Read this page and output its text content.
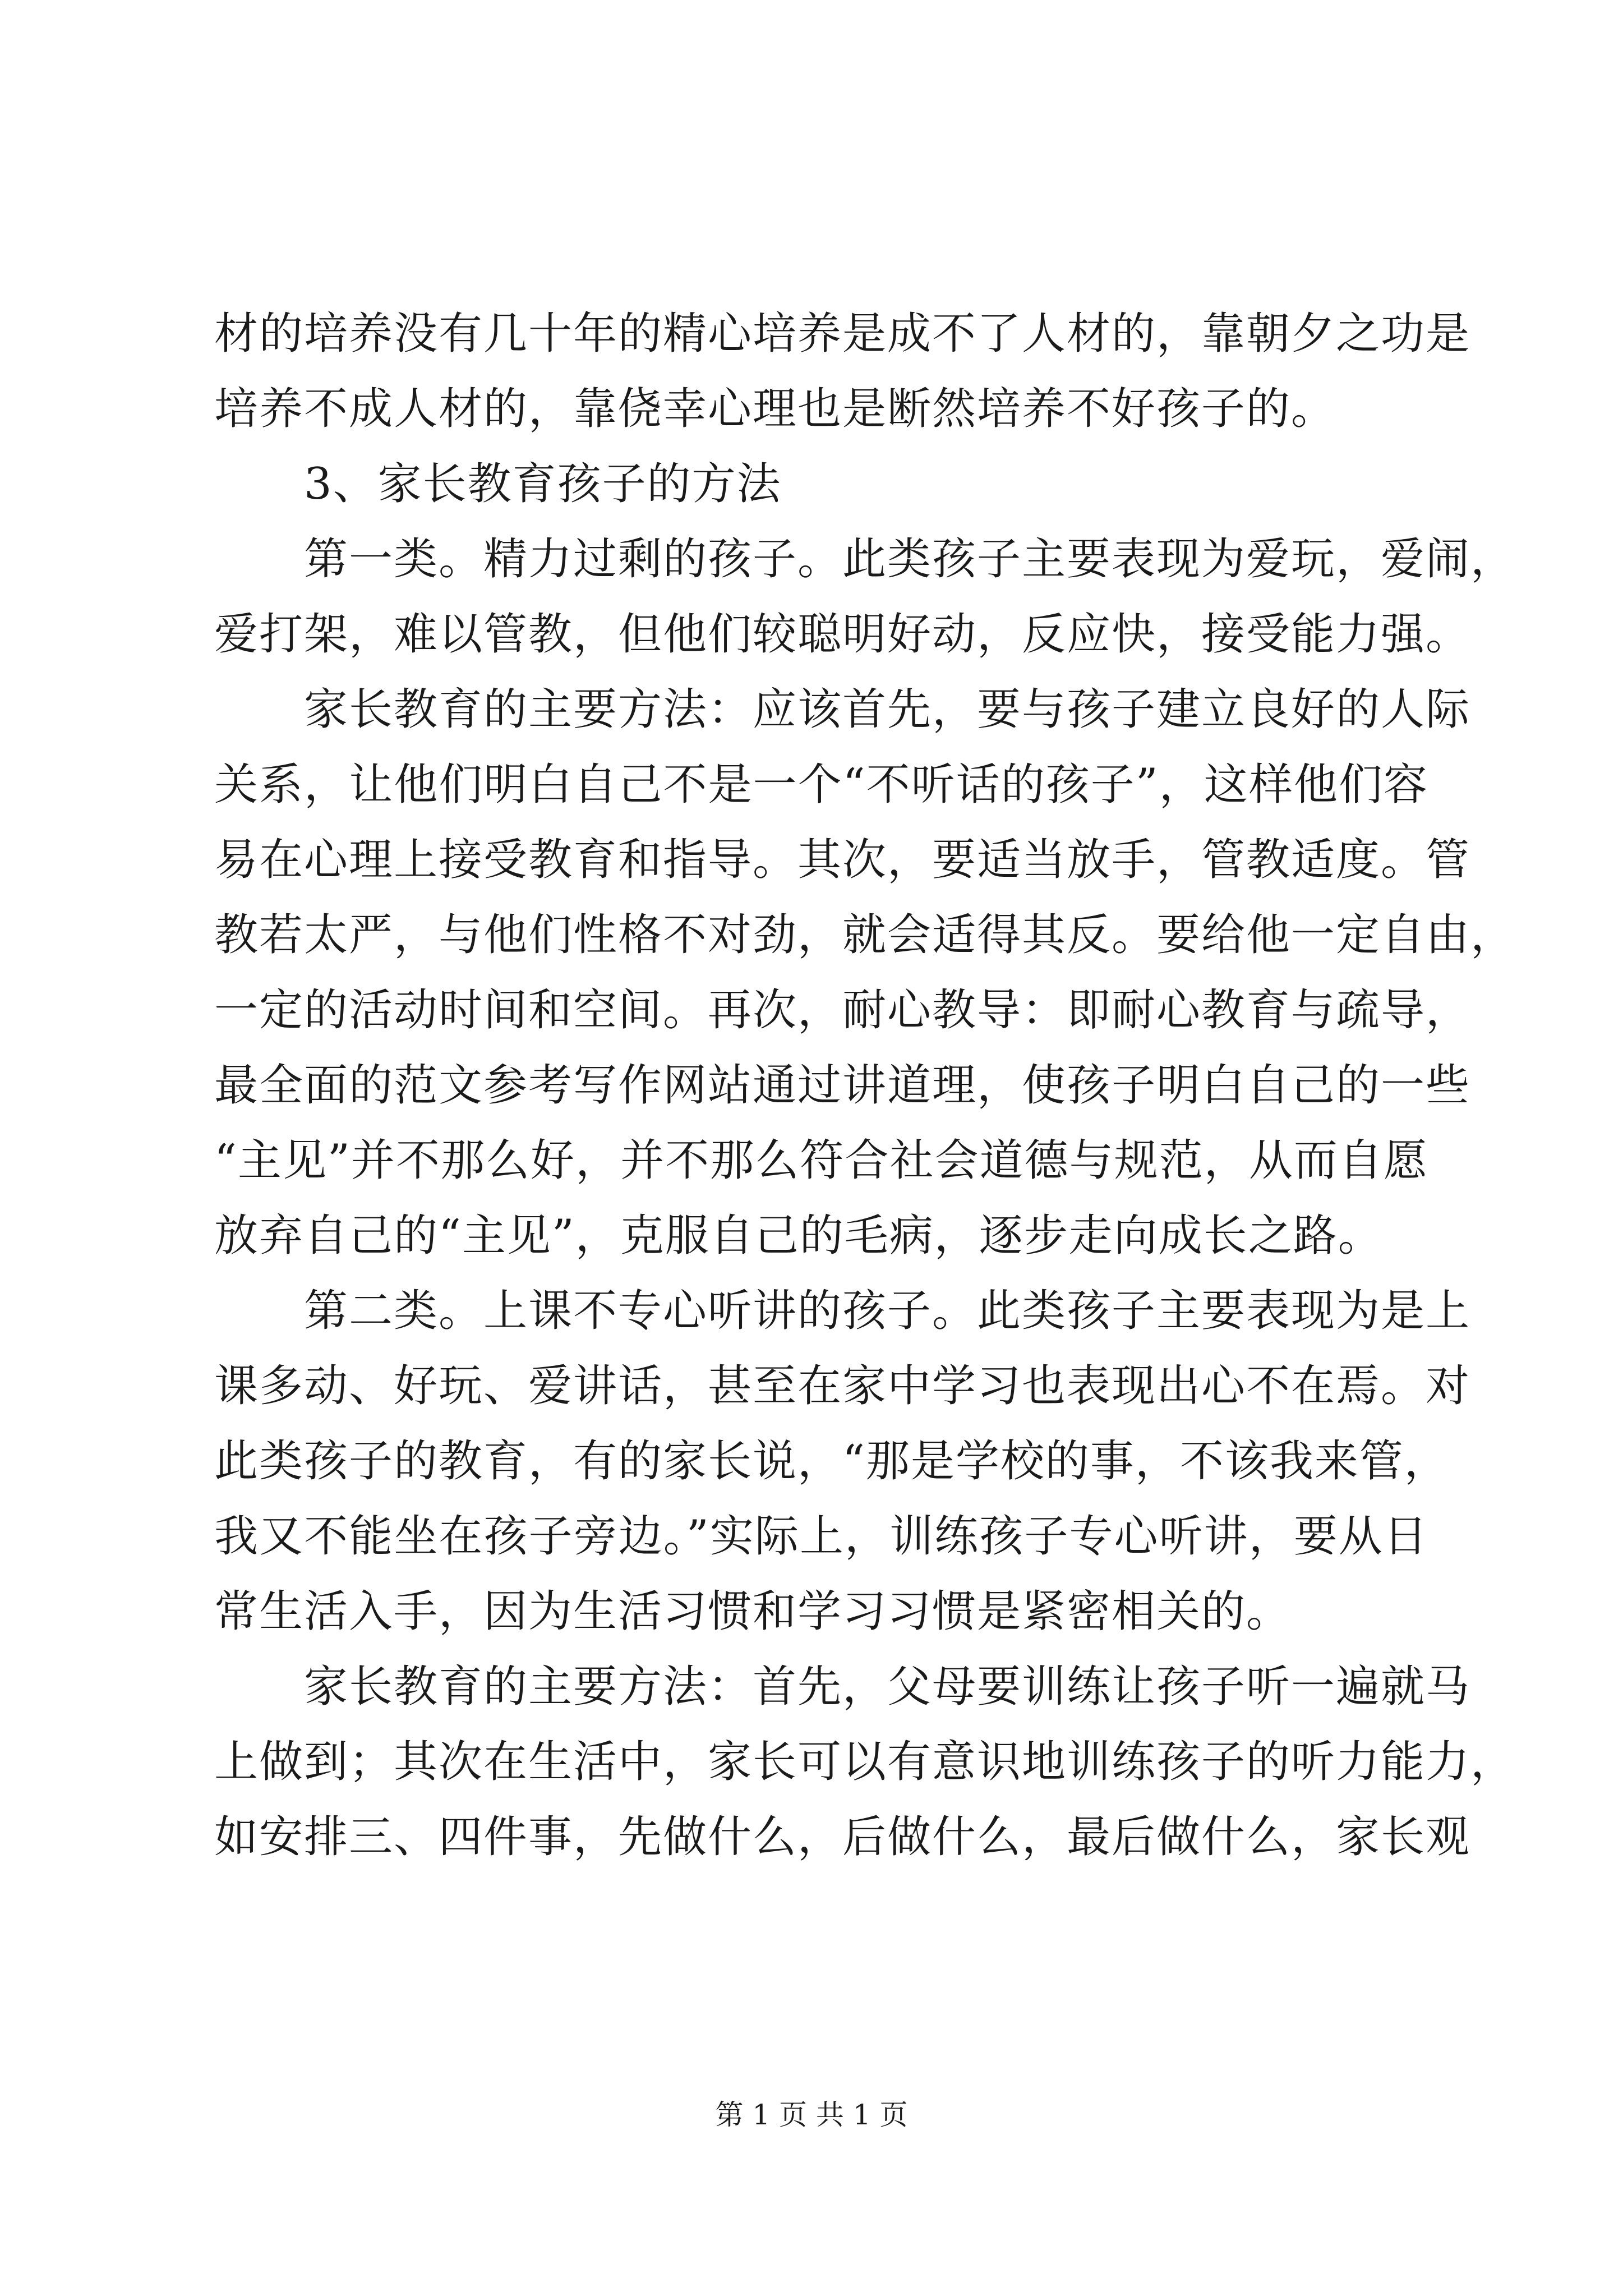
材的培养没有几十年的精心培养是成不了人材的，靠朝夕之功是
培养不成人材的，靠侥幸心理也是断然培养不好孩子的。
3、家长教育孩子的方法
第一类。精力过剩的孩子。此类孩子主要表现为爱玩，爱闹，
爱打架，难以管教，但他们较聪明好动，反应快，接受能力强。
家长教育的主要方法：应该首先，要与孩子建立良好的人际
关系，让他们明白自己不是一个“不听话的孩子”，这样他们容
易在心理上接受教育和指导。其次，要适当放手，管教适度。管
教若太严，与他们性格不对劲，就会适得其反。要给他一定自由，
一定的活动时间和空间。再次，耐心教导：即耐心教育与疏导，
最全面的范文参考写作网站通过讲道理，使孩子明白自己的一些
“主见”并不那么好，并不那么符合社会道德与规范，从而自愿
放弃自己的“主见”，克服自己的毛病，逐步走向成长之路。
第二类。上课不专心听讲的孩子。此类孩子主要表现为是上
课多动、好玩、爱讲话，甚至在家中学习也表现出心不在焉。对
此类孩子的教育，有的家长说，“那是学校的事，不该我来管，
我又不能坐在孩子旁边。”实际上，训练孩子专心听讲，要从日
常生活入手，因为生活习惯和学习习惯是紧密相关的。
家长教育的主要方法：首先，父母要训练让孩子听一遍就马
上做到；其次在生活中，家长可以有意识地训练孩子的听力能力，
如安排三、四件事，先做什么，后做什么，最后做什么，家长观
第 1 页 共 1 页
